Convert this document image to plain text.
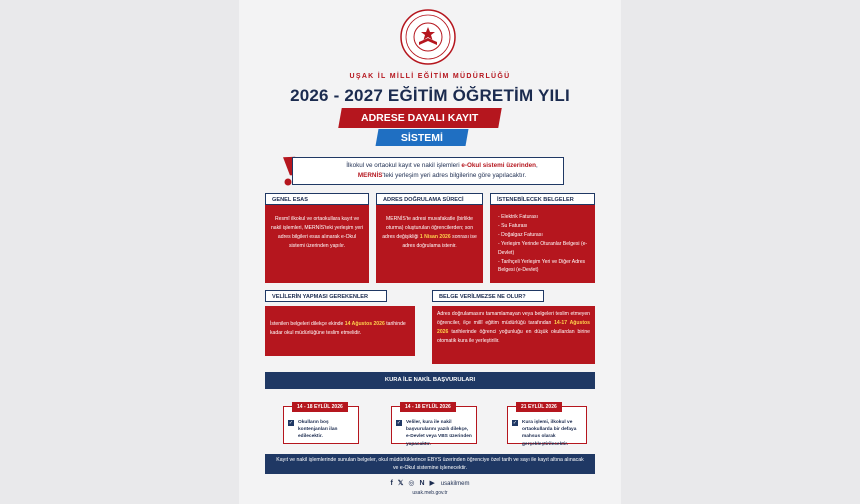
UŞAK İL MİLLİ EĞİTİM MÜDÜRLÜĞÜ
2026 - 2027 EĞİTİM ÖĞRETİM YILI
ADRESE DAYALI KAYIT
SİSTEMİ
İlkokul ve ortaokul kayıt ve nakil işlemleri e-Okul sistemi üzerinden,
MERNİS'teki yerleşim yeri adres bilgilerine göre yapılacaktır.
GENEL ESAS
Resmî ilkokul ve ortaokullara kayıt ve nakil işlemleri, MERNİS'teki yerleşim yeri adres bilgileri esas alınarak e-Okul sistemi üzerinden yapılır.
ADRES DOĞRULAMA SÜRECİ
MERNİS'te adresi muvafakatle (birlikte oturma) oluşturulan öğrencilerden; son adres değişikliği 1 Nisan 2026 sonrası ise adres doğrulama istenir.
İSTENEBİLECEK BELGELER
- Elektrik Faturası
- Su Faturası
- Doğalgaz Faturası
- Yerleşim Yerinde Oturanlar Belgesi (e-Devlet)
- Tarihçeli Yerleşim Yeri ve Diğer Adres Belgesi (e-Devlet)
VELİLERİN YAPMASI GEREKENLER
İstenilen belgeleri dilekçe ekinde 14 Ağustos 2026 tarihinde kadar okul müdürlüğüne teslim etmelidir.
BELGE VERİLMEZSE NE OLUR?
Adres doğrulamasını tamamlamayan veya belgeleri teslim etmeyen öğrenciler, ilçe millî eğitim müdürlüğü tarafından 14-17 Ağustos 2026 tarihlerinde öğrenci yoğunluğu en düşük okullardan birine otomatik kura ile yerleştirilir.
KURA İLE NAKİL BAŞVURULARI
14 - 18 EYLÜL 2026
✓ Okulların boş kontenjanları ilan edilecektir.
14 - 18 EYLÜL 2026
✓ Veliler, kura ile nakil başvurularını yazılı dilekçe, e-Devlet veya VBS üzerinden yapacaktır.
21 EYLÜL 2026
✓ Kura işlemi, ilkokul ve ortaokullarda bir defaya mahsus olarak gerçekleştirilecektir.
Kayıt ve nakil işlemlerinde sunulan belgeler, okul müdürlüklerince EBYS üzerinden öğrenciye özel tarih ve sayı ile kayıt altına alınacak ve e-Okul sistemine işlenecektir.
f 𝕏 ◎ N ▶ usakilmem
usak.meb.gov.tr
